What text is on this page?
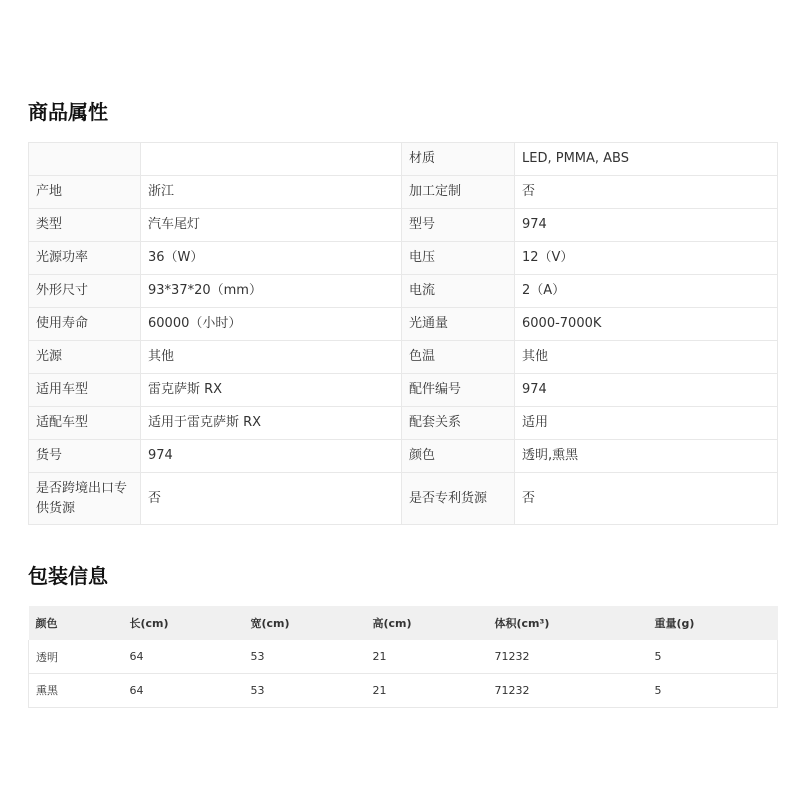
商品属性
		材质	LED, PMMA, ABS
产地	浙江	加工定制	否
类型	汽车尾灯	型号	974
光源功率	36（W）	电压	12（V）
外形尺寸	93*37*20（mm）	电流	2（A）
使用寿命	60000（小时）	光通量	6000-7000K
光源	其他	色温	其他
适用车型	雷克萨斯 RX	配件编号	974
适配车型	适用于雷克萨斯 RX	配套关系	适用
货号	974	颜色	透明,熏黑
是否跨境出口专供货源	否	是否专利货源	否
包装信息
颜色	长(cm)	宽(cm)	高(cm)	体积(cm³)	重量(g)
透明	64	53	21	71232	5
熏黑	64	53	21	71232	5
